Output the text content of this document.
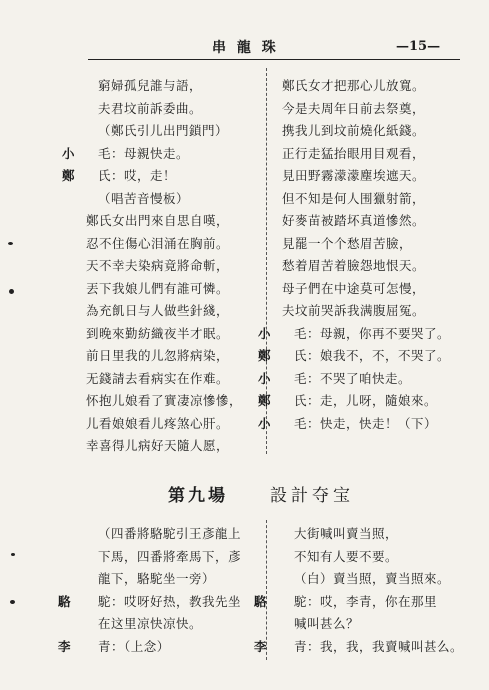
串 龍 珠	—15—
窮婦孤兒誰与語，
夫君坟前訴委曲。
（鄭氏引儿出門鎖門）
小 毛：母親快走。
鄭 氏：哎，走！
（唱苦音慢板）
鄭氏女出門來自思自嘆，
忍不住傷心泪涌在胸前。
天不幸夫染病竟將命斬，
丟下我娘儿們有誰可憐。
為充飢日与人做些針綫，
到晚來勤紡織夜半才眠。
前日里我的儿忽將病染，
无錢請去看病实在作难。
怀抱儿娘看了實凄凉慘慘，
儿看娘娘看儿疼煞心肝。
幸喜得儿病好天隨人愿，
鄭氏女才把那心儿放寬。
今是夫周年日前去祭奠，
携我儿到坟前燒化紙錢。
正行走猛抬眼用目观看，
見田野霧濛濛塵埃遮天。
但不知是何人围獵射箭，
好麥苗被踏坏真道慘然。
見罷一个个愁眉苦臉，
愁着眉苦着臉怨地恨天。
母子們在中途莫可怎慢，
夫坟前哭訴我满腹屈冤。
小 毛：母親，你再不要哭了。
鄭 氏：娘我不，不，不哭了。
小 毛：不哭了咱快走。
鄭 氏：走，儿呀，隨娘來。
小 毛：快走，快走！（下）
第九場 設計夺宝
（四番將駱駝引王彥龍上
下馬，四番將牽馬下，彥
龍下，駱駝坐一旁）
駱 駝：哎呀好热，教我先坐
在这里凉快凉快。
李 青：（上念）
大街喊叫賣当照，
不知有人要不要。
（白）賣当照，賣当照來。
駱 駝：哎，李青，你在那里
喊叫甚么？
李 青：我，我，我賣喊叫甚么。
